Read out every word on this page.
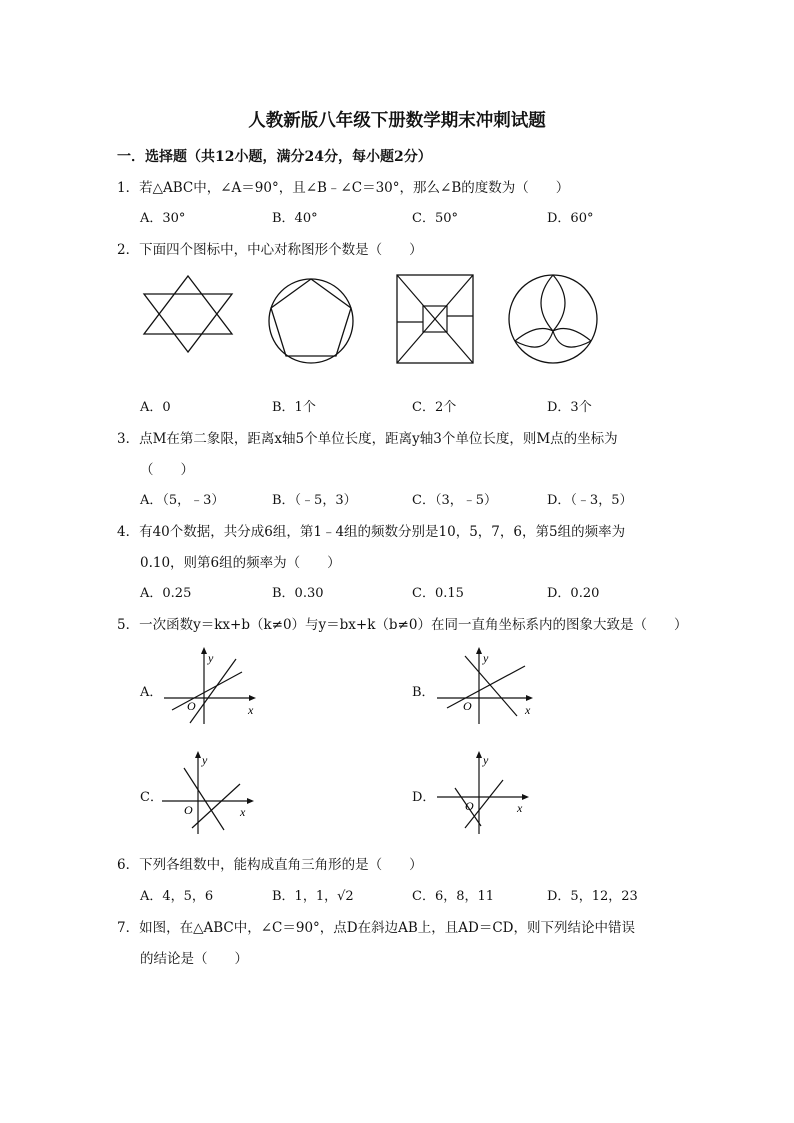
人教新版八年级下册数学期末冲刺试题
一．选择题（共12小题，满分24分，每小题2分）
1．若△ABC中，∠A＝90°，且∠B﹣∠C＝30°，那么∠B的度数为（　　）
A．30°	B．40°	C．50°	D．60°
2．下面四个图标中，中心对称图形个数是（　　）
A．0	B．1个	C．2个	D．3个
3．点M在第二象限，距离x轴5个单位长度，距离y轴3个单位长度，则M点的坐标为
（　　）
A．（5，﹣3）	B．（﹣5，3）	C．（3，﹣5）	D．（﹣3，5）
4．有40个数据，共分成6组，第1﹣4组的频数分别是10，5，7，6，第5组的频率为
0.10，则第6组的频率为（　　）
A．0.25	B．0.30	C．0.15	D．0.20
5．一次函数y＝kx+b（k≠0）与y＝bx+k（b≠0）在同一直角坐标系内的图象大致是（　　）
A．
y
x
O
B．
y
x
O
C．
y
x
O
D．
y
x
O
6．下列各组数中，能构成直角三角形的是（　　）
A．4，5，6	B．1，1，√2	C．6，8，11	D．5，12，23
7．如图，在△ABC中，∠C＝90°，点D在斜边AB上，且AD＝CD，则下列结论中错误
的结论是（　　）
